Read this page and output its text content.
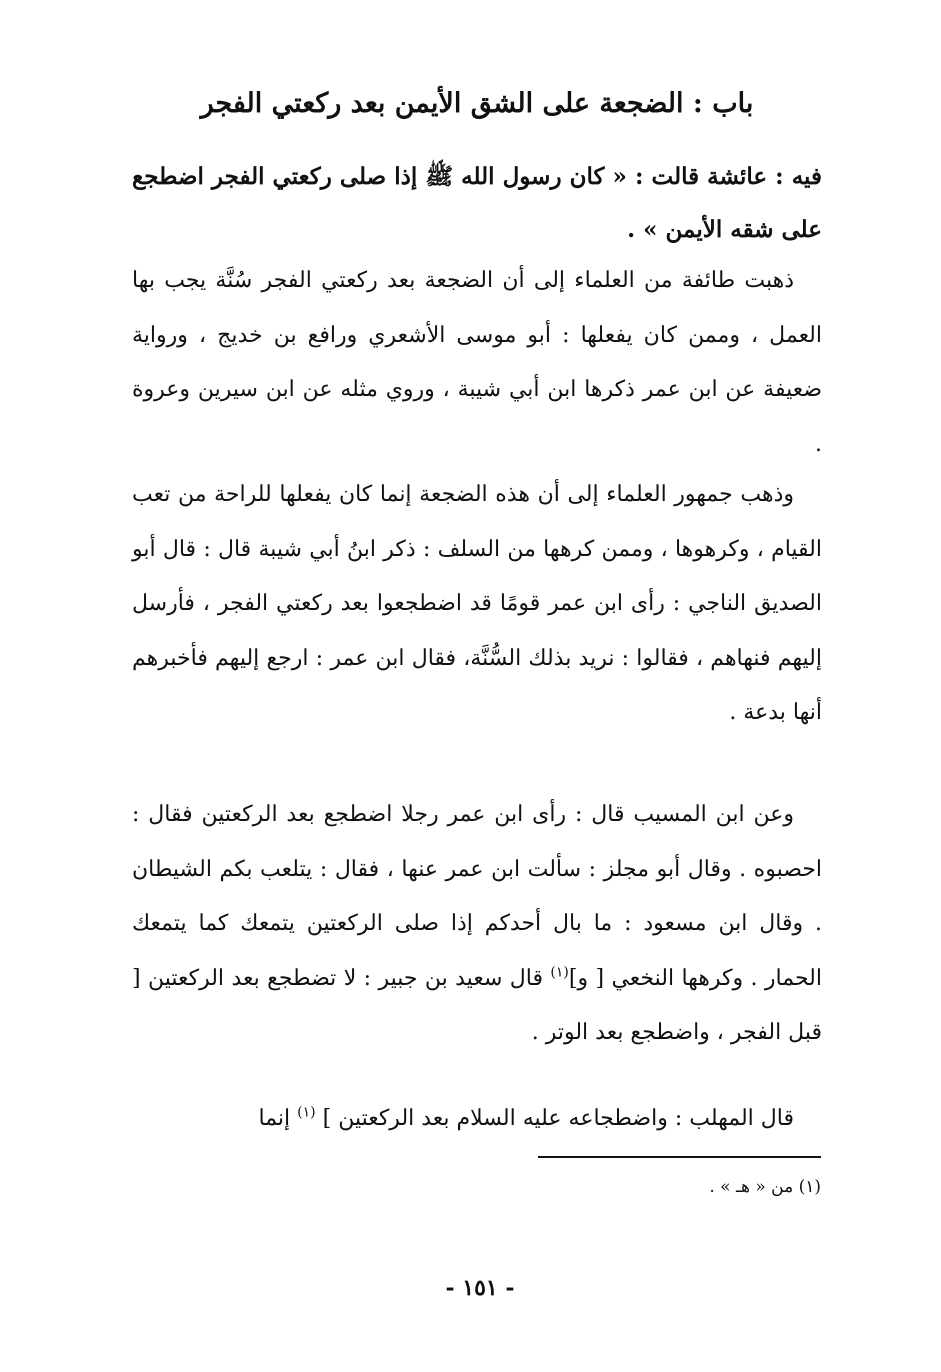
باب : الضجعة على الشق الأيمن بعد ركعتي الفجر
فيه : عائشة قالت : « كان رسول الله ﷺ إذا صلى ركعتي الفجر اضطجع على شقه الأيمن » .
ذهبت طائفة من العلماء إلى أن الضجعة بعد ركعتي الفجر سُنَّة يجب بها العمل ، وممن كان يفعلها : أبو موسى الأشعري ورافع بن خديج ، ورواية ضعيفة عن ابن عمر ذكرها ابن أبي شيبة ، وروي مثله عن ابن سيرين وعروة .
وذهب جمهور العلماء إلى أن هذه الضجعة إنما كان يفعلها للراحة من تعب القيام ، وكرهوها ، وممن كرهها من السلف : ذكر ابنُ أبي شيبة قال : قال أبو الصديق الناجي : رأى ابن عمر قومًا قد اضطجعوا بعد ركعتي الفجر ، فأرسل إليهم فنهاهم ، فقالوا : نريد بذلك السُّنَّة، فقال ابن عمر : ارجع إليهم فأخبرهم أنها بدعة .
وعن ابن المسيب قال : رأى ابن عمر رجلا اضطجع بعد الركعتين فقال : احصبوه . وقال أبو مجلز : سألت ابن عمر عنها ، فقال : يتلعب بكم الشيطان . وقال ابن مسعود : ما بال أحدكم إذا صلى الركعتين يتمعك كما يتمعك الحمار . وكرهها النخعي [ و]$^{(١)}$ قال سعيد بن جبير : لا تضطجع بعد الركعتين [ قبل الفجر ، واضطجع بعد الوتر .
قال المهلب : واضطجاعه عليه السلام بعد الركعتين ] $^{(١)}$ إنما
(١) من « هـ » .
- ١٥١ -
